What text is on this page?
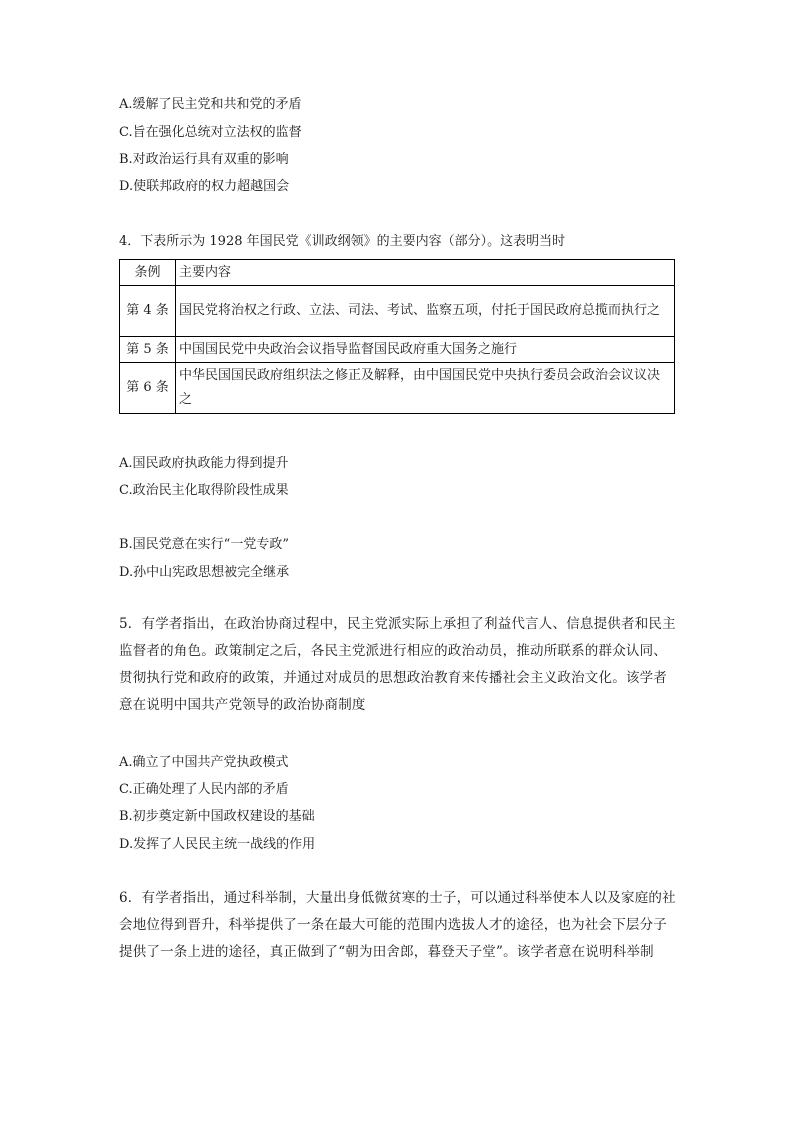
A.缓解了民主党和共和党的矛盾
C.旨在强化总统对立法权的监督
B.对政治运行具有双重的影响
D.使联邦政府的权力超越国会
4．下表所示为 1928 年国民党《训政纲领》的主要内容（部分）。这表明当时
条例	主要内容
第 4 条	国民党将治权之行政、立法、司法、考试、监察五项，付托于国民政府总揽而执行之
第 5 条	中国国民党中央政治会议指导监督国民政府重大国务之施行
第 6 条	中华民国国民政府组织法之修正及解释，由中国国民党中央执行委员会政治会议议决之
A.国民政府执政能力得到提升
C.政治民主化取得阶段性成果
B.国民党意在实行“一党专政”
D.孙中山宪政思想被完全继承
5．有学者指出，在政治协商过程中，民主党派实际上承担了利益代言人、信息提供者和民主监督者的角色。政策制定之后，各民主党派进行相应的政治动员，推动所联系的群众认同、贯彻执行党和政府的政策，并通过对成员的思想政治教育来传播社会主义政治文化。该学者意在说明中国共产党领导的政治协商制度
A.确立了中国共产党执政模式
C.正确处理了人民内部的矛盾
B.初步奠定新中国政权建设的基础
D.发挥了人民民主统一战线的作用
6．有学者指出，通过科举制，大量出身低微贫寒的士子，可以通过科举使本人以及家庭的社会地位得到晋升，科举提供了一条在最大可能的范围内选拔人才的途径，也为社会下层分子提供了一条上进的途径，真正做到了“朝为田舍郎，暮登天子堂”。该学者意在说明科举制
